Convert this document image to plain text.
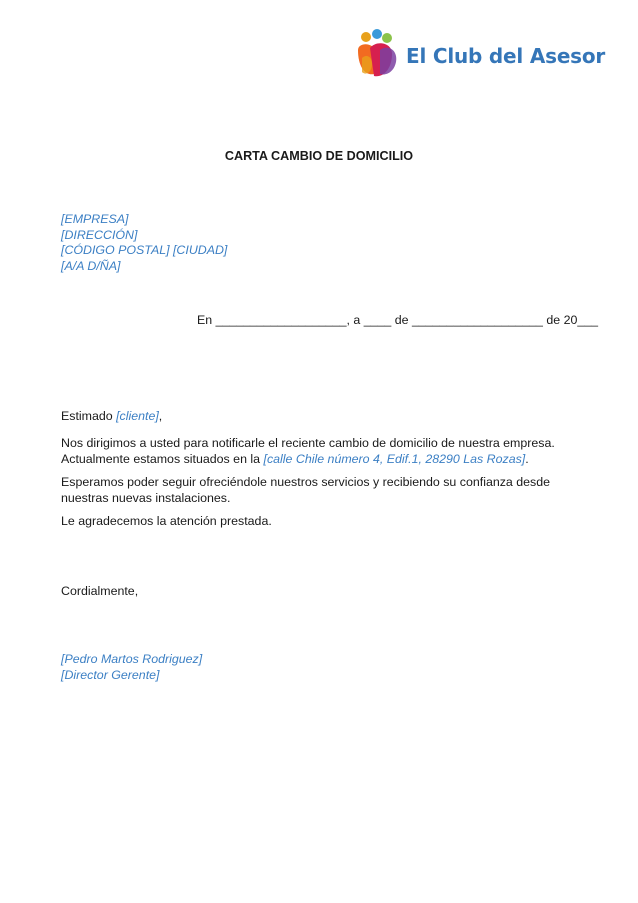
El Club del Asesor
CARTA CAMBIO DE DOMICILIO
[EMPRESA]
[DIRECCIÓN]
[CÓDIGO POSTAL] [CIUDAD]
[A/A D/ÑA]
En ___________________, a ____ de ___________________ de 20___
Estimado [cliente],
Nos dirigimos a usted para notificarle el reciente cambio de domicilio de nuestra empresa. Actualmente estamos situados en la [calle Chile número 4, Edif.1, 28290 Las Rozas].
Esperamos poder seguir ofreciéndole nuestros servicios y recibiendo su confianza desde nuestras nuevas instalaciones.
Le agradecemos la atención prestada.
Cordialmente,
[Pedro Martos Rodriguez]
[Director Gerente]
